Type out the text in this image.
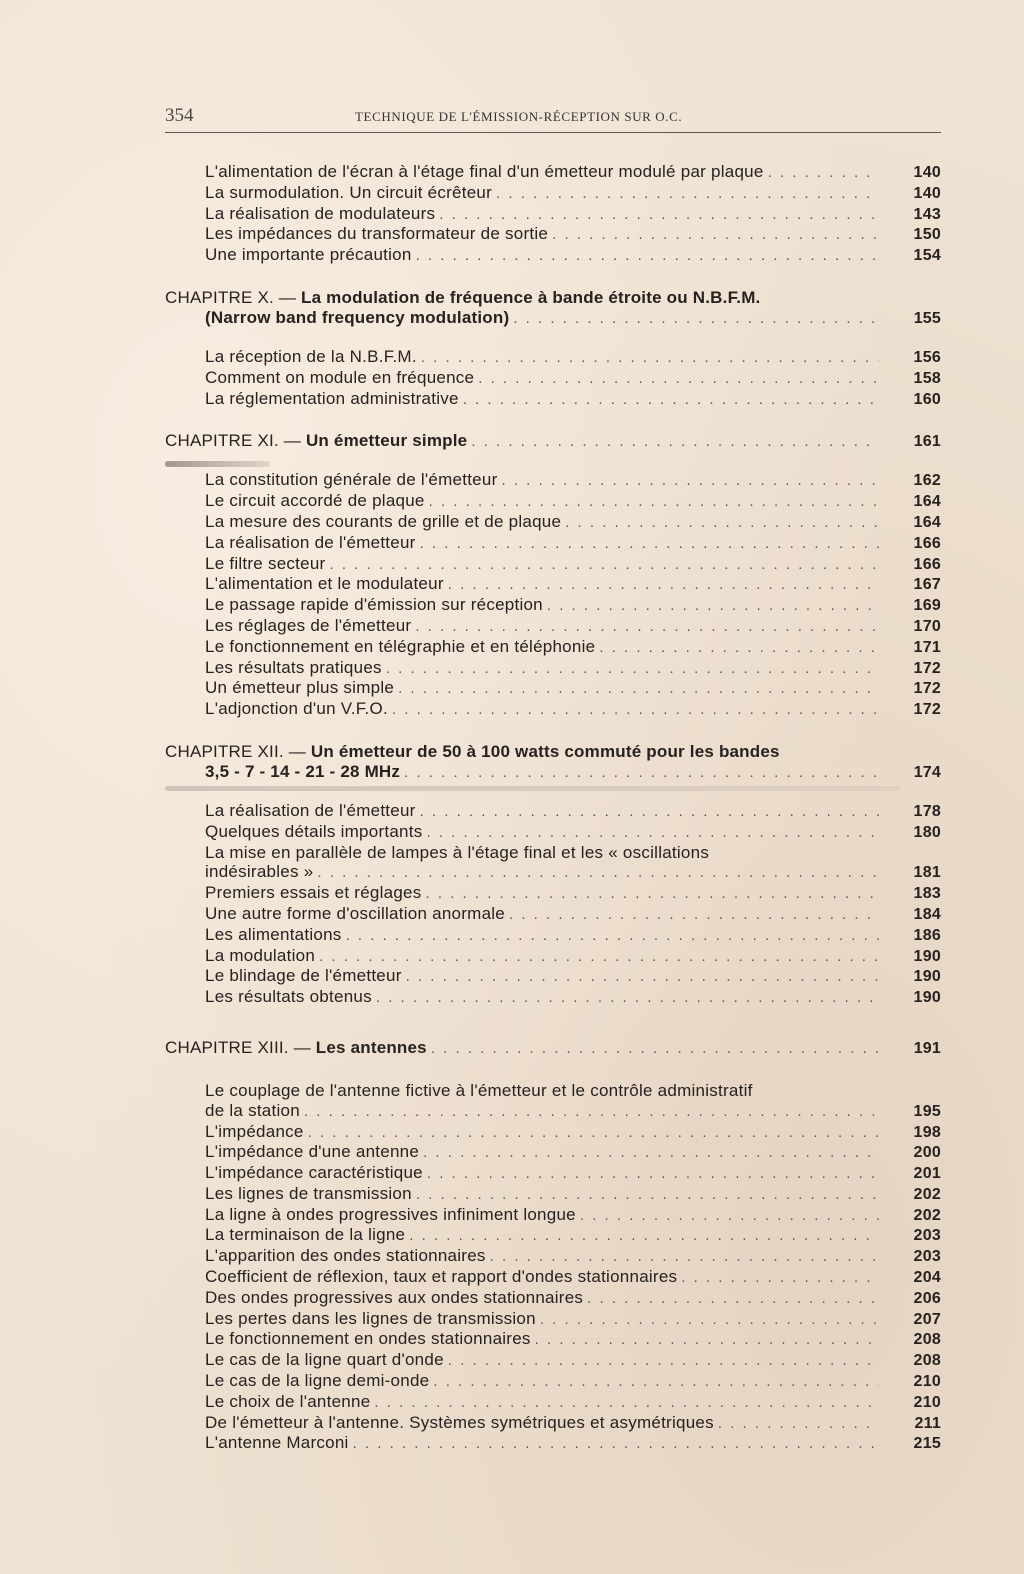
354	TECHNIQUE DE L'ÉMISSION-RÉCEPTION SUR O.C.
L'alimentation de l'écran à l'étage final d'un émetteur modulé par plaque . . .	140
La surmodulation. Un circuit écrêteur . . .	140
La réalisation de modulateurs . . .	143
Les impédances du transformateur de sortie . . .	150
Une importante précaution . . .	154
CHAPITRE X. — La modulation de fréquence à bande étroite ou N.B.F.M.
(Narrow band frequency modulation) . . .	155
La réception de la N.B.F.M. . . .	156
Comment on module en fréquence . . .	158
La réglementation administrative . . .	160
CHAPITRE XI. —
Un émetteur simple . . .	161
La constitution générale de l'émetteur . . .	162
Le circuit accordé de plaque . . .	164
La mesure des courants de grille et de plaque . . .	164
La réalisation de l'émetteur . . .	166
Le filtre secteur . . .	166
L'alimentation et le modulateur . . .	167
Le passage rapide d'émission sur réception . . .	169
Les réglages de l'émetteur . . .	170
Le fonctionnement en télégraphie et en téléphonie . . .	171
Les résultats pratiques . . .	172
Un émetteur plus simple . . .	172
L'adjonction d'un V.F.O. . . .	172
CHAPITRE XII. — Un émetteur de 50 à 100 watts commuté pour les bandes
3,5 - 7 - 14 - 21 - 28 MHz . . .	174
La réalisation de l'émetteur . . .	178
Quelques détails importants . . .	180
La mise en parallèle de lampes à l'étage final et les « oscillations
indésirables » . . .	181
Premiers essais et réglages . . .	183
Une autre forme d'oscillation anormale . . .	184
Les alimentations . . .	186
La modulation . . .	190
Le blindage de l'émetteur . . .	190
Les résultats obtenus . . .	190
CHAPITRE XIII. —
Les antennes . . .	191
Le couplage de l'antenne fictive à l'émetteur et le contrôle administratif
de la station . . .	195
L'impédance . . .	198
L'impédance d'une antenne . . .	200
L'impédance caractéristique . . .	201
Les lignes de transmission . . .	202
La ligne à ondes progressives infiniment longue . . .	202
La terminaison de la ligne . . .	203
L'apparition des ondes stationnaires . . .	203
Coefficient de réflexion, taux et rapport d'ondes stationnaires . . .	204
Des ondes progressives aux ondes stationnaires . . .	206
Les pertes dans les lignes de transmission . . .	207
Le fonctionnement en ondes stationnaires . . .	208
Le cas de la ligne quart d'onde . . .	208
Le cas de la ligne demi-onde . . .	210
Le choix de l'antenne . . .	210
De l'émetteur à l'antenne. Systèmes symétriques et asymétriques . . .	211
L'antenne Marconi . . .	215
